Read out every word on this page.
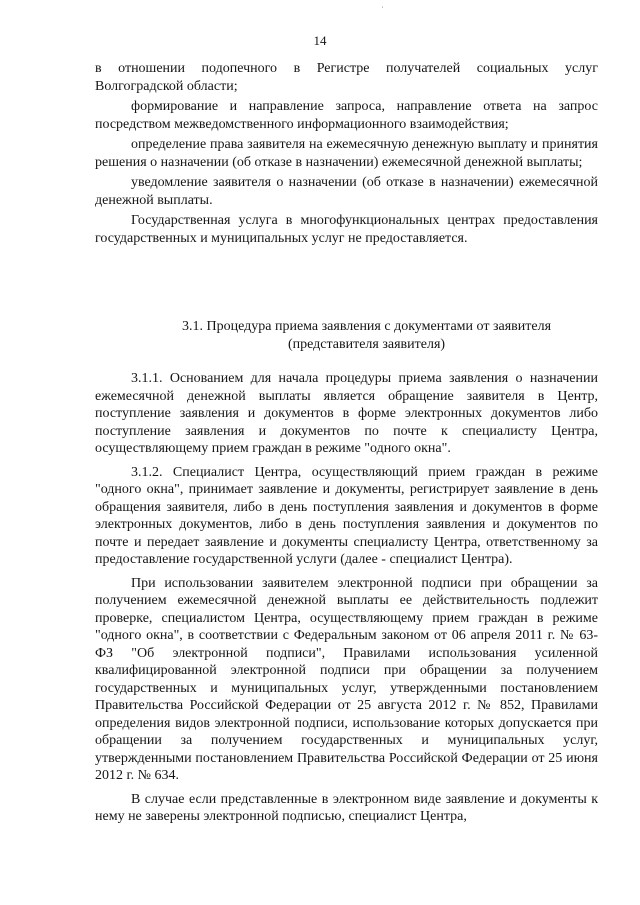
˙
14

в отношении подопечного в Регистре получателей социальных услуг Волгоградской области;

формирование и направление запроса, направление ответа на запрос посредством межведомственного информационного взаимодействия;

определение права заявителя на ежемесячную денежную выплату и принятия решения о назначении (об отказе в назначении) ежемесячной денежной выплаты;

уведомление заявителя о назначении (об отказе в назначении) ежемесячной денежной выплаты.

Государственная услуга в многофункциональных центрах предоставления государственных и муниципальных услуг не предоставляется.

3.1. Процедура приема заявления с документами от заявителя

(представителя заявителя)

3.1.1. Основанием для начала процедуры приема заявления о назначении ежемесячной денежной выплаты является обращение заявителя в Центр, поступление заявления и документов в форме электронных документов либо поступление заявления и документов по почте к специалисту Центра, осуществляющему прием граждан в режиме "одного окна".

3.1.2. Специалист Центра, осуществляющий прием граждан в режиме "одного окна", принимает заявление и документы, регистрирует заявление в день обращения заявителя, либо в день поступления заявления и документов в форме электронных документов, либо в день поступления заявления и документов по почте и передает заявление и документы специалисту Центра, ответственному за предоставление государственной услуги (далее - специалист Центра).

При использовании заявителем электронной подписи при обращении за получением ежемесячной денежной выплаты ее действительность подлежит проверке, специалистом Центра, осуществляющему прием граждан в режиме "одного окна", в соответствии с Федеральным законом от 06 апреля 2011 г. № 63-ФЗ "Об электронной подписи", Правилами использования усиленной квалифицированной электронной подписи при обращении за получением государственных и муниципальных услуг, утвержденными постановлением Правительства Российской Федерации от 25 августа 2012 г. № 852, Правилами определения видов электронной подписи, использование которых допускается при обращении за получением государственных и муниципальных услуг, утвержденными постановлением Правительства Российской Федерации от 25 июня 2012 г. № 634.

В случае если представленные в электронном виде заявление и документы к нему не заверены электронной подписью, специалист Центра,
